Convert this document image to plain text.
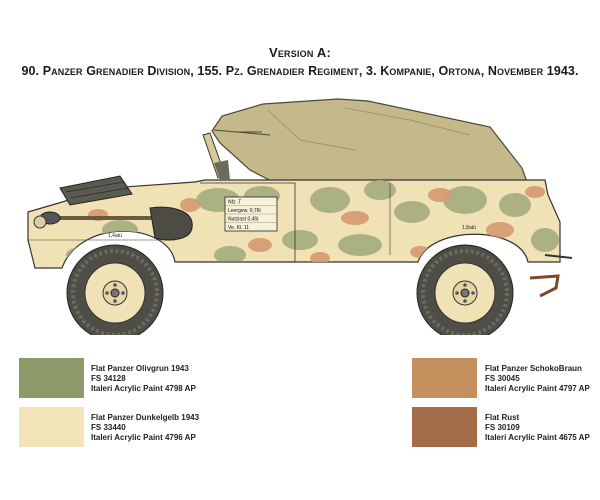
Version A:
90. Panzer Grenadier Division, 155. Pz. Grenadier Regiment, 3. Kompanie, Ortona, November 1943.
Nfz .T
Leergew. 0,76t
Nutzlast 0,45t
Ve. Kl. 11
1,4atü
1,8atü
Flat Panzer Olivgrun 1943
FS 34128
Italeri Acrylic Paint 4798 AP
Flat Panzer Dunkelgelb 1943
FS 33440
Italeri Acrylic Paint 4796 AP
Flat Panzer SchokoBraun
FS 30045
Italeri Acrylic Paint 4797 AP
Flat Rust
FS 30109
Italeri Acrylic Paint 4675 AP
